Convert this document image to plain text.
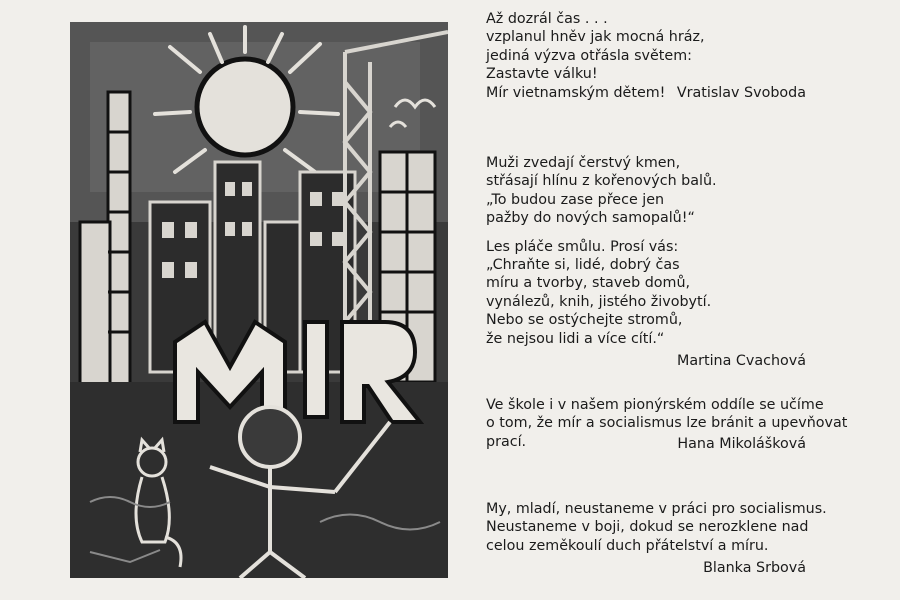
Až dozrál čas . . .
vzplanul hněv jak mocná hráz,
jediná výzva otřásla světem:
Zastavte válku!
Mír vietnamským dětem! Vratislav Svoboda

Muži zvedají čerstvý kmen,
střásají hlínu z kořenových balů.
„To budou zase přece jen
pažby do nových samopalů!“

Les pláče smůlu. Prosí vás:
„Chraňte si, lidé, dobrý čas
míru a tvorby, staveb domů,
vynálezů, knih, jistého živobytí.
Nebo se ostýchejte stromů,
že nejsou lidi a více cítí.“

Martina Cvachová

Ve škole i v našem pionýrském oddíle se učíme
o tom, že mír a socialismus lze bránit a upevňovat
prací.	Hana Mikolášková

My, mladí, neustaneme v práci pro socialismus.
Neustaneme v boji, dokud se nerozklene nad
celou zeměkoulí duch přátelství a míru.

Blanka Srbová
